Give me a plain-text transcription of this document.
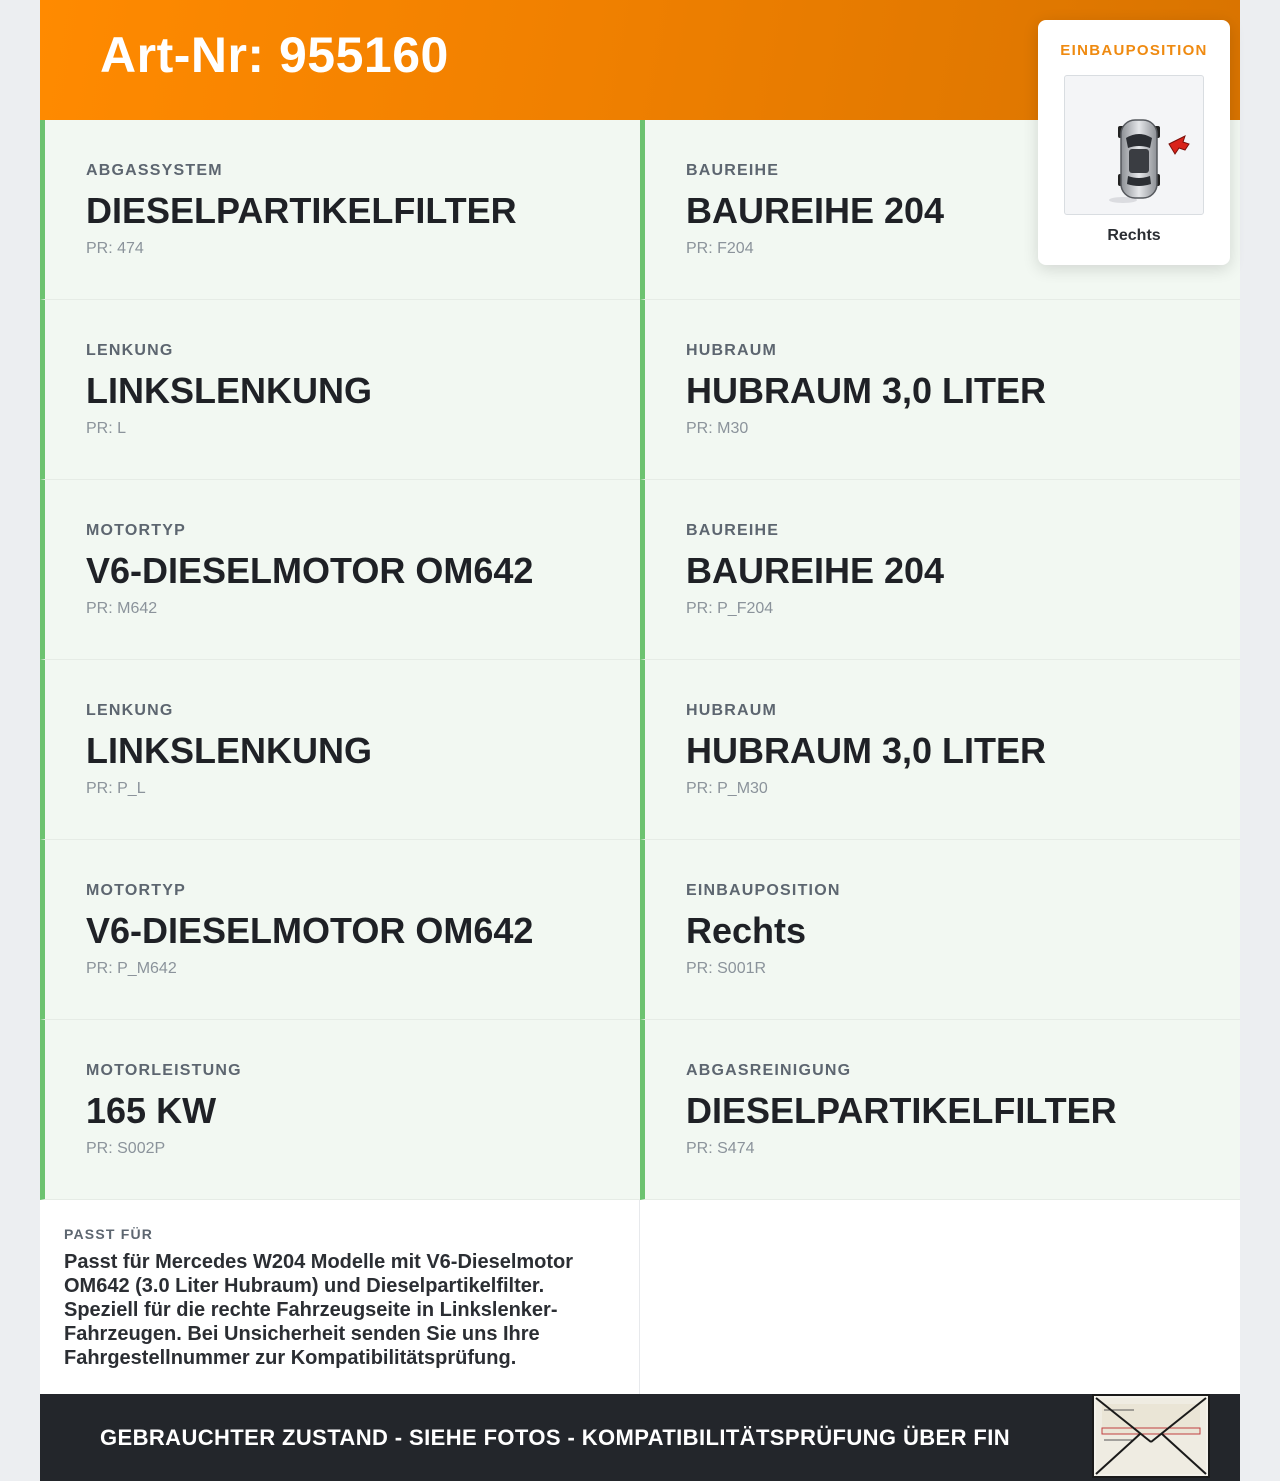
Art-Nr: 955160
ABGASSYSTEM
DIESELPARTIKELFILTER
PR: 474
BAUREIHE
BAUREIHE 204
PR: F204
LENKUNG
LINKSLENKUNG
PR: L
HUBRAUM
HUBRAUM 3,0 LITER
PR: M30
MOTORTYP
V6-DIESELMOTOR OM642
PR: M642
BAUREIHE
BAUREIHE 204
PR: P_F204
LENKUNG
LINKSLENKUNG
PR: P_L
HUBRAUM
HUBRAUM 3,0 LITER
PR: P_M30
MOTORTYP
V6-DIESELMOTOR OM642
PR: P_M642
EINBAUPOSITION
Rechts
PR: S001R
MOTORLEISTUNG
165 KW
PR: S002P
ABGASREINIGUNG
DIESELPARTIKELFILTER
PR: S474
PASST FÜR
Passt für Mercedes W204 Modelle mit V6-Dieselmotor OM642 (3.0 Liter Hubraum) und Dieselpartikelfilter. Speziell für die rechte Fahrzeugseite in Linkslenker-Fahrzeugen. Bei Unsicherheit senden Sie uns Ihre Fahrgestellnummer zur Kompatibilitätsprüfung.
GEBRAUCHTER ZUSTAND - SIEHE FOTOS - KOMPATIBILITÄTSPRÜFUNG ÜBER FIN
EINBAUPOSITION
Rechts
